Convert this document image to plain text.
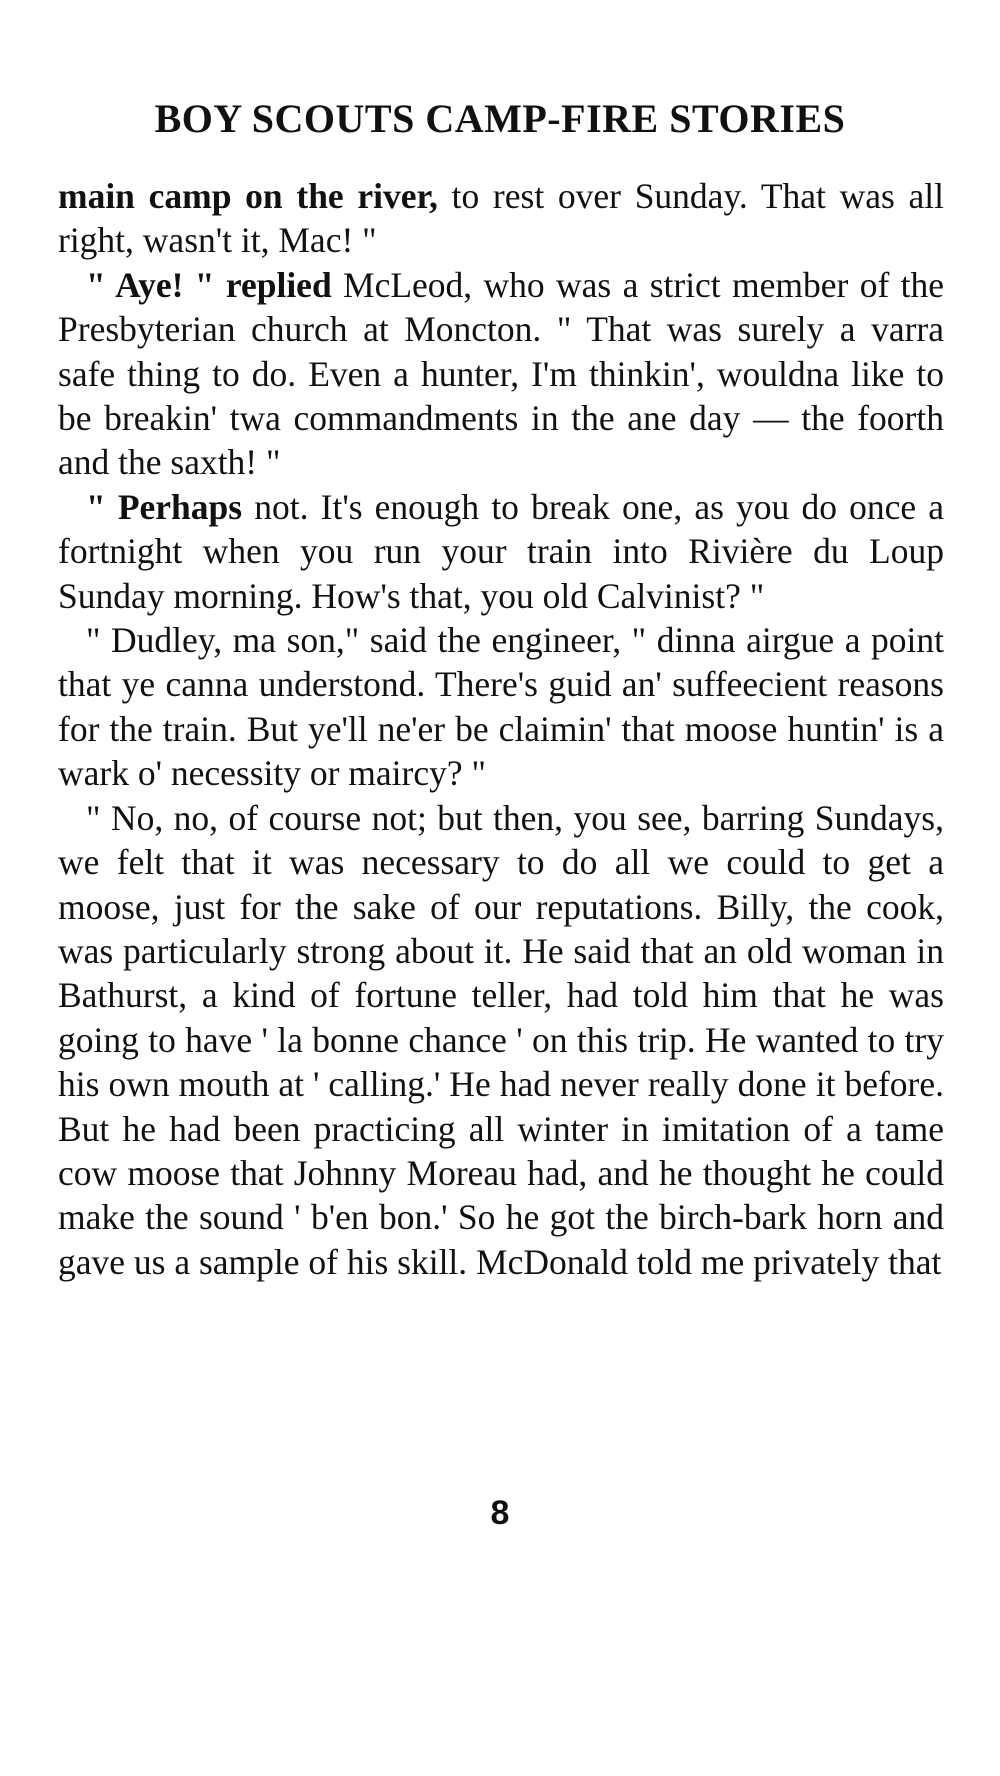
BOY SCOUTS CAMP-FIRE STORIES

main camp on the river, to rest over Sunday. That was all right, wasn't it, Mac! "

" Aye! " replied McLeod, who was a strict member of the Presbyterian church at Moncton. " That was surely a varra safe thing to do. Even a hunter, I'm thinkin', wouldna like to be breakin' twa commandments in the ane day — the foorth and the saxth! "

" Perhaps not. It's enough to break one, as you do once a fortnight when you run your train into Rivière du Loup Sunday morning. How's that, you old Calvinist? "

" Dudley, ma son," said the engineer, " dinna airgue a point that ye canna understond. There's guid an' suffeecient reasons for the train. But ye'll ne'er be claimin' that moose huntin' is a wark o' necessity or maircy? "

" No, no, of course not; but then, you see, barring Sundays, we felt that it was necessary to do all we could to get a moose, just for the sake of our reputations. Billy, the cook, was particularly strong about it. He said that an old woman in Bathurst, a kind of fortune teller, had told him that he was going to have ' la bonne chance ' on this trip. He wanted to try his own mouth at ' calling.' He had never really done it before. But he had been practicing all winter in imitation of a tame cow moose that Johnny Moreau had, and he thought he could make the sound ' b'en bon.' So he got the birch-bark horn and gave us a sample of his skill. McDonald told me privately that

8
